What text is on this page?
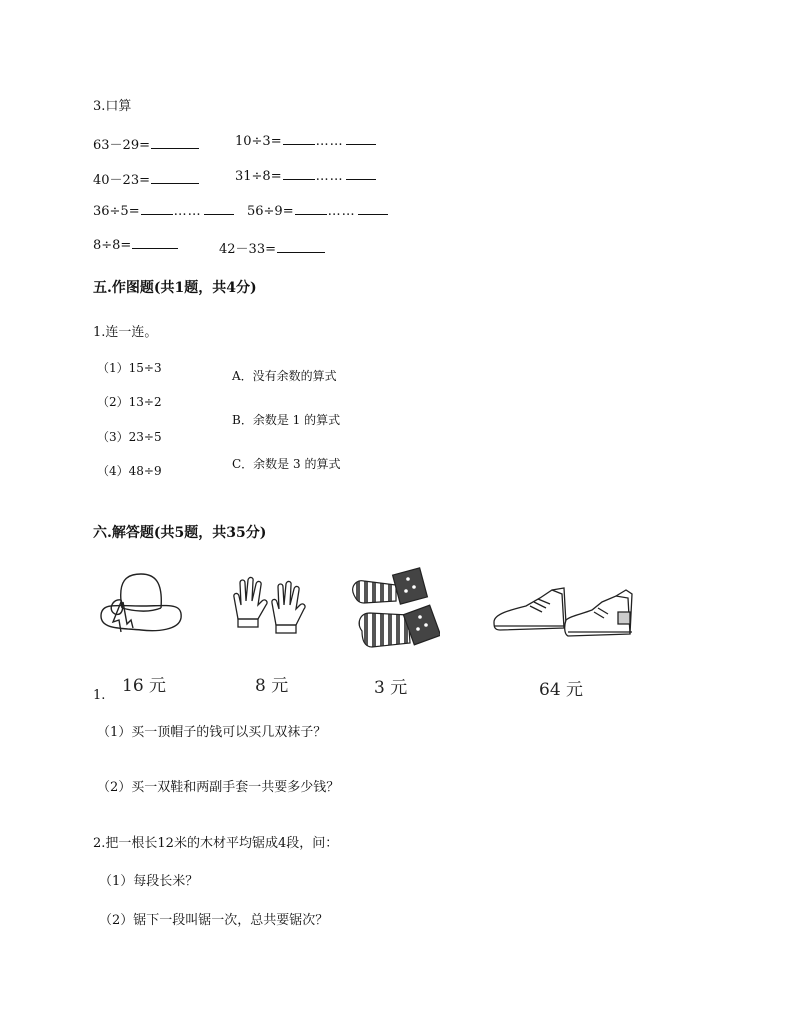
3.口算
63－29=	10÷3=	……
40－23=	31÷8=	……
36÷5=	……	56÷9=	……
8÷8=	42－33=
五.作图题(共1题，共4分)
1.连一连。
（1）15÷3
（2）13÷2
（3）23÷5
（4）48÷9
A．没有余数的算式
B．余数是 1 的算式
C．余数是 3 的算式
六.解答题(共5题，共35分)
16 元	8 元	3 元	64 元
1.
（1）买一顶帽子的钱可以买几双袜子？
（2）买一双鞋和两副手套一共要多少钱？
2.把一根长12米的木材平均锯成4段，问：
（1）每段长米？
（2）锯下一段叫锯一次，总共要锯次？
